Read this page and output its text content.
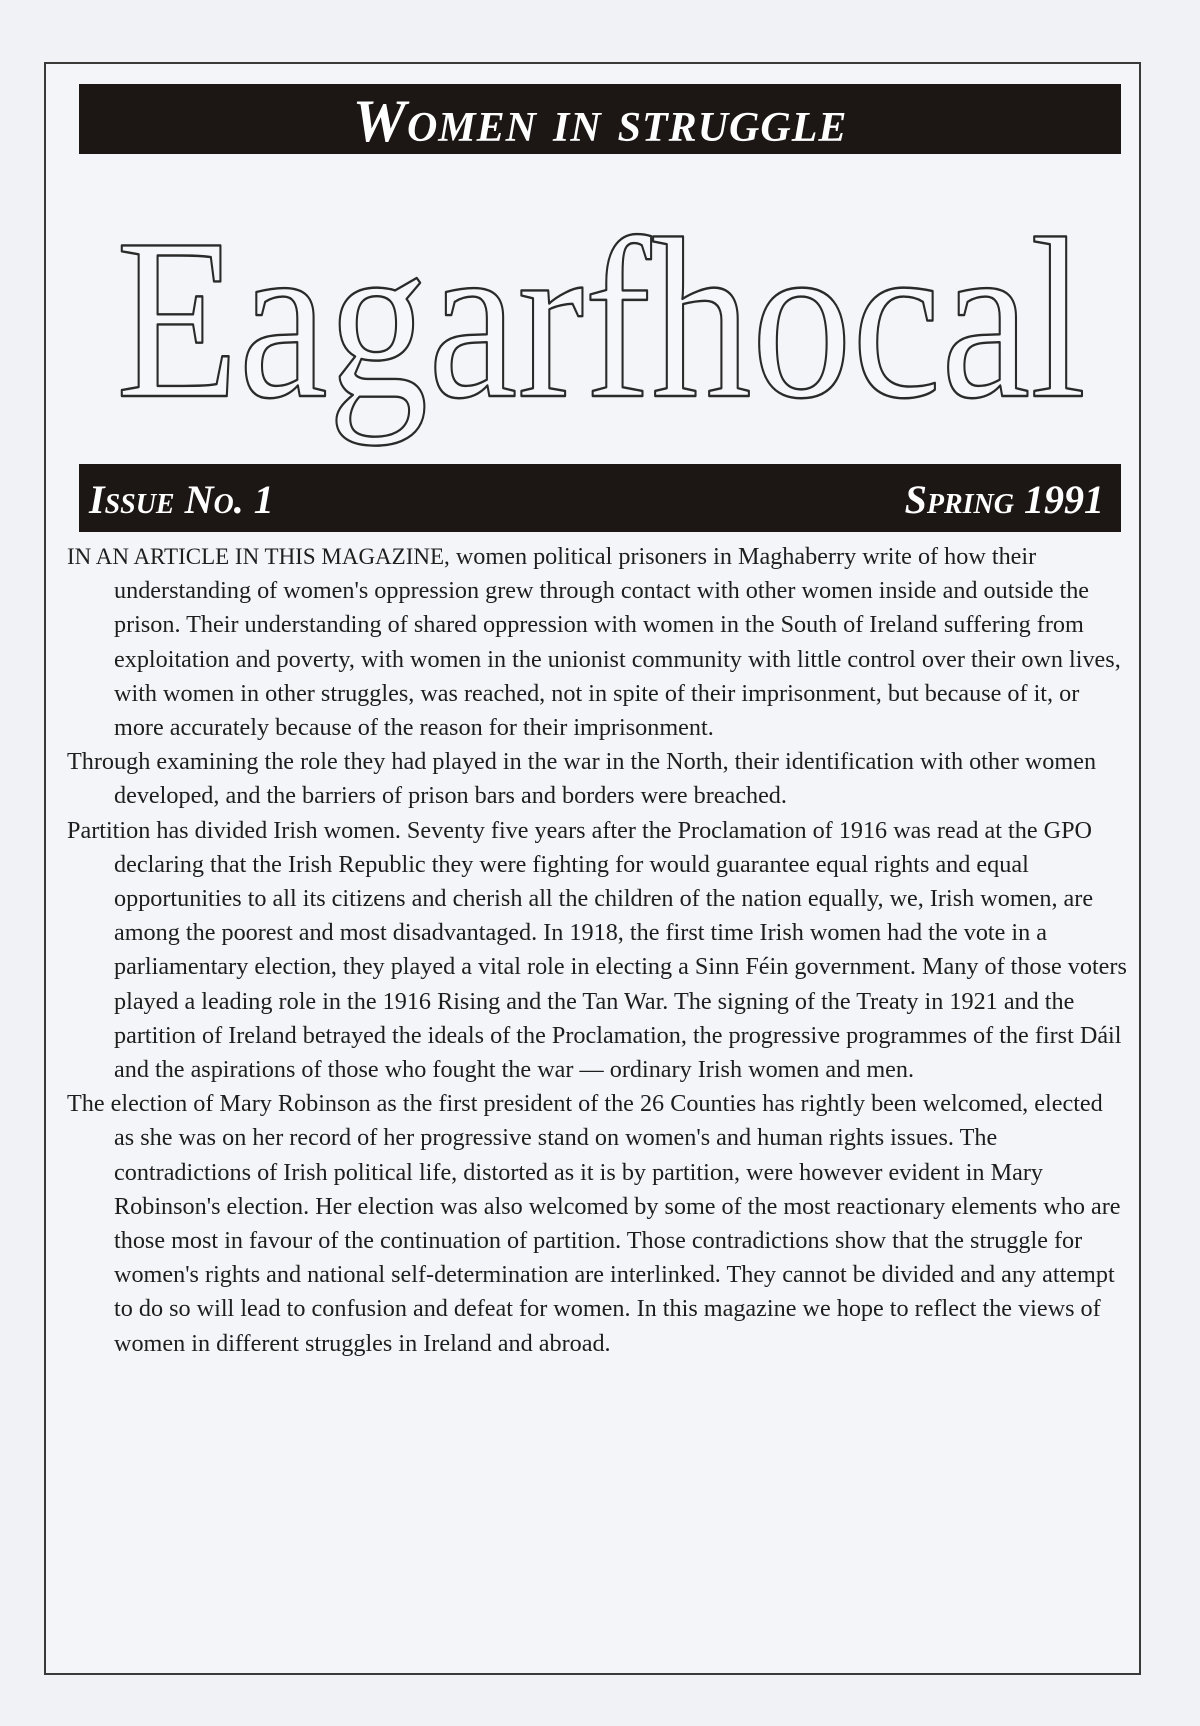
Women in struggle
Eagarfhocal
Issue No. 1	Spring 1991

IN AN ARTICLE IN THIS MAGAZINE, women political prisoners in Maghaberry write of how their understanding of women's oppression grew through contact with other women inside and outside the prison. Their understanding of shared oppression with women in the South of Ireland suffering from exploitation and poverty, with women in the unionist community with little control over their own lives, with women in other struggles, was reached, not in spite of their imprisonment, but because of it, or more accurately because of the reason for their imprisonment.

Through examining the role they had played in the war in the North, their identification with other women developed, and the barriers of prison bars and borders were breached.

Partition has divided Irish women. Seventy five years after the Proclamation of 1916 was read at the GPO declaring that the Irish Republic they were fighting for would guarantee equal rights and equal opportunities to all its citizens and cherish all the children of the nation equally, we, Irish women, are among the poorest and most disadvantaged. In 1918, the first time Irish women had the vote in a parliamentary election, they played a vital role in electing a Sinn Féin government. Many of those voters played a leading role in the 1916 Rising and the Tan War. The signing of the Treaty in 1921 and the partition of Ireland betrayed the ideals of the Proclamation, the progressive programmes of the first Dáil and the aspirations of those who fought the war — ordinary Irish women and men.

The election of Mary Robinson as the first president of the 26 Counties has rightly been welcomed, elected as she was on her record of her progressive stand on women's and human rights issues. The contradictions of Irish political life, distorted as it is by partition, were however evident in Mary Robinson's election. Her election was also welcomed by some of the most reactionary elements who are those most in favour of the continuation of partition. Those contradictions show that the struggle for women's rights and national self-determination are interlinked. They cannot be divided and any attempt to do so will lead to confusion and defeat for women. In this magazine we hope to reflect the views of women in different struggles in Ireland and abroad.
